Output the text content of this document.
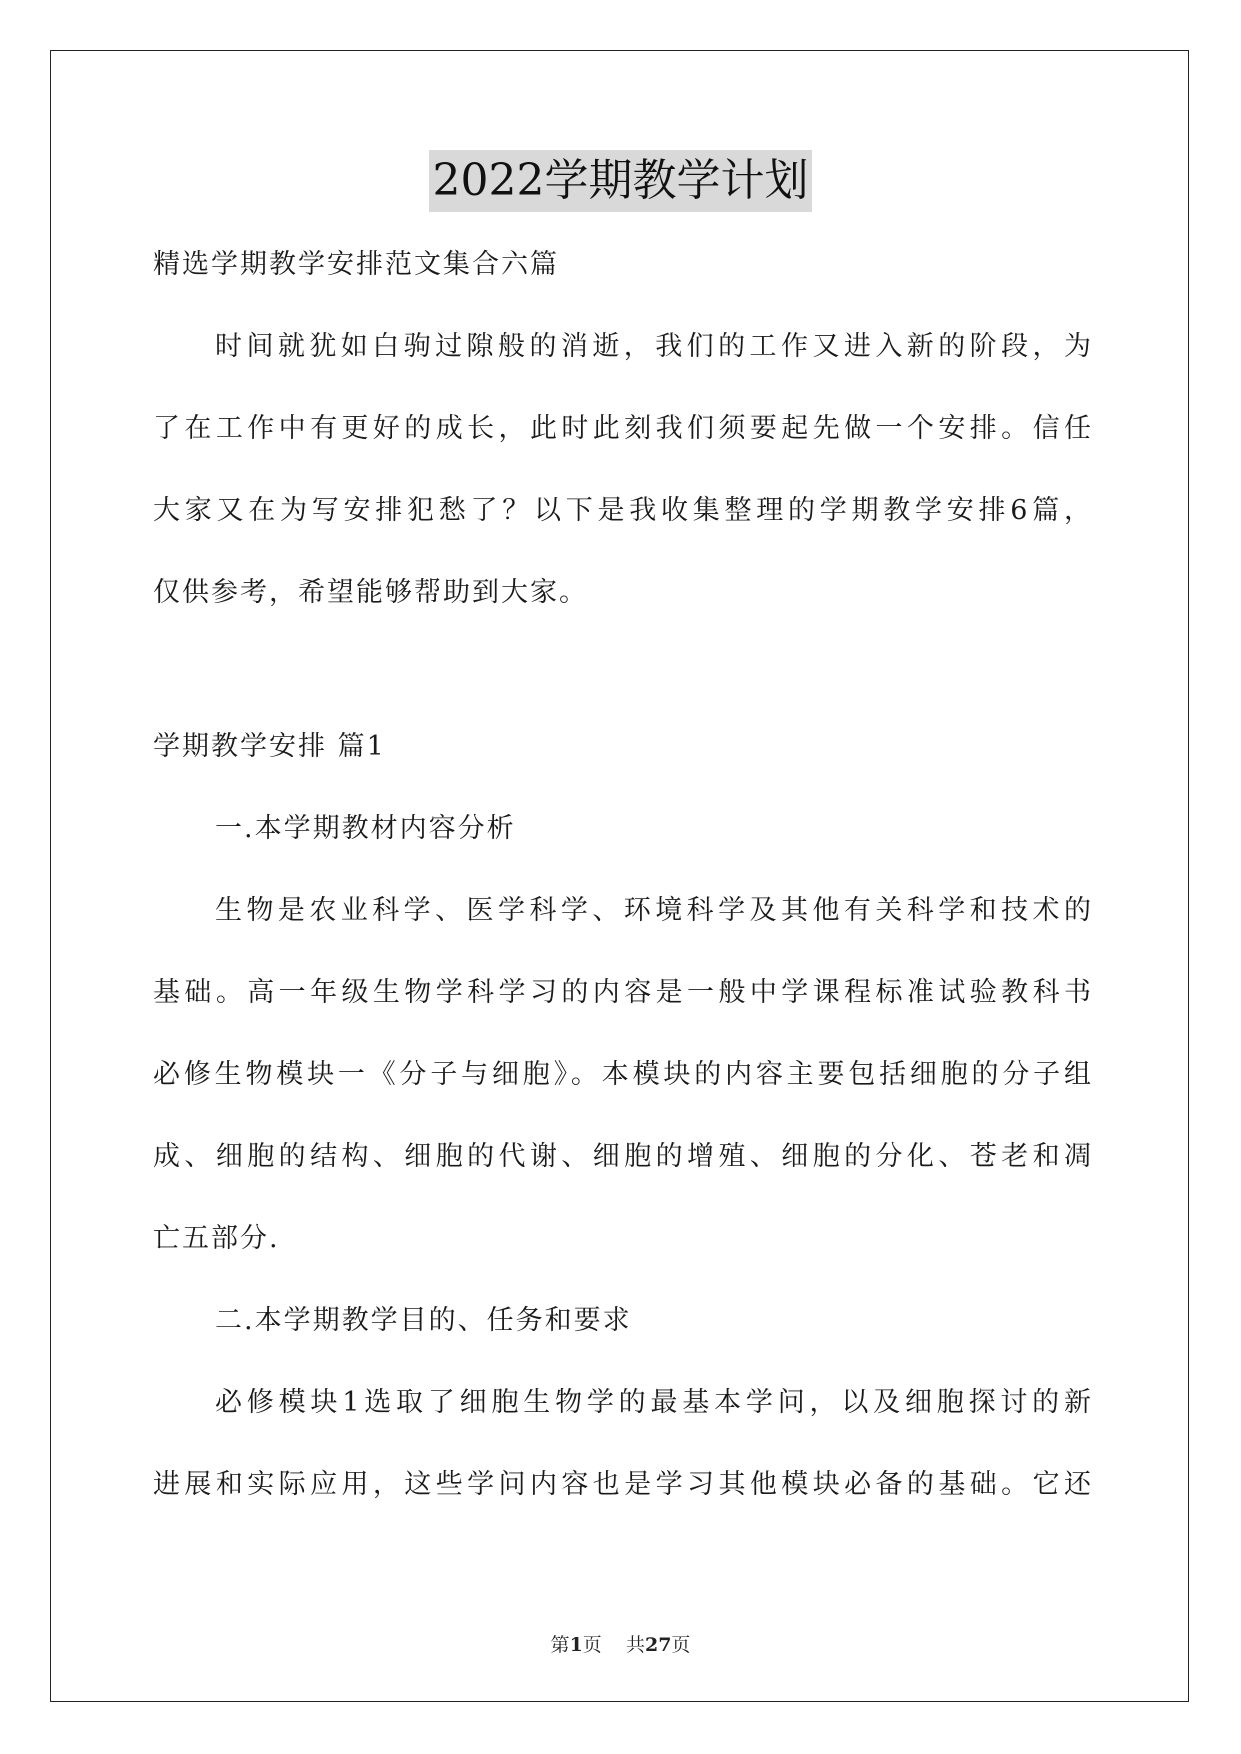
2022学期教学计划
精选学期教学安排范文集合六篇
时间就犹如白驹过隙般的消逝，我们的工作又进入新的阶段，为
了在工作中有更好的成长，此时此刻我们须要起先做一个安排。信任
大家又在为写安排犯愁了？以下是我收集整理的学期教学安排6篇，
仅供参考，希望能够帮助到大家。
学期教学安排 篇1
一.本学期教材内容分析
生物是农业科学、医学科学、环境科学及其他有关科学和技术的
基础。高一年级生物学科学习的内容是一般中学课程标准试验教科书
必修生物模块一《分子与细胞》。本模块的内容主要包括细胞的分子组
成、细胞的结构、细胞的代谢、细胞的增殖、细胞的分化、苍老和凋
亡五部分.
二.本学期教学目的、任务和要求
必修模块1选取了细胞生物学的最基本学问，以及细胞探讨的新
进展和实际应用，这些学问内容也是学习其他模块必备的基础。它还
第1页    共27页
